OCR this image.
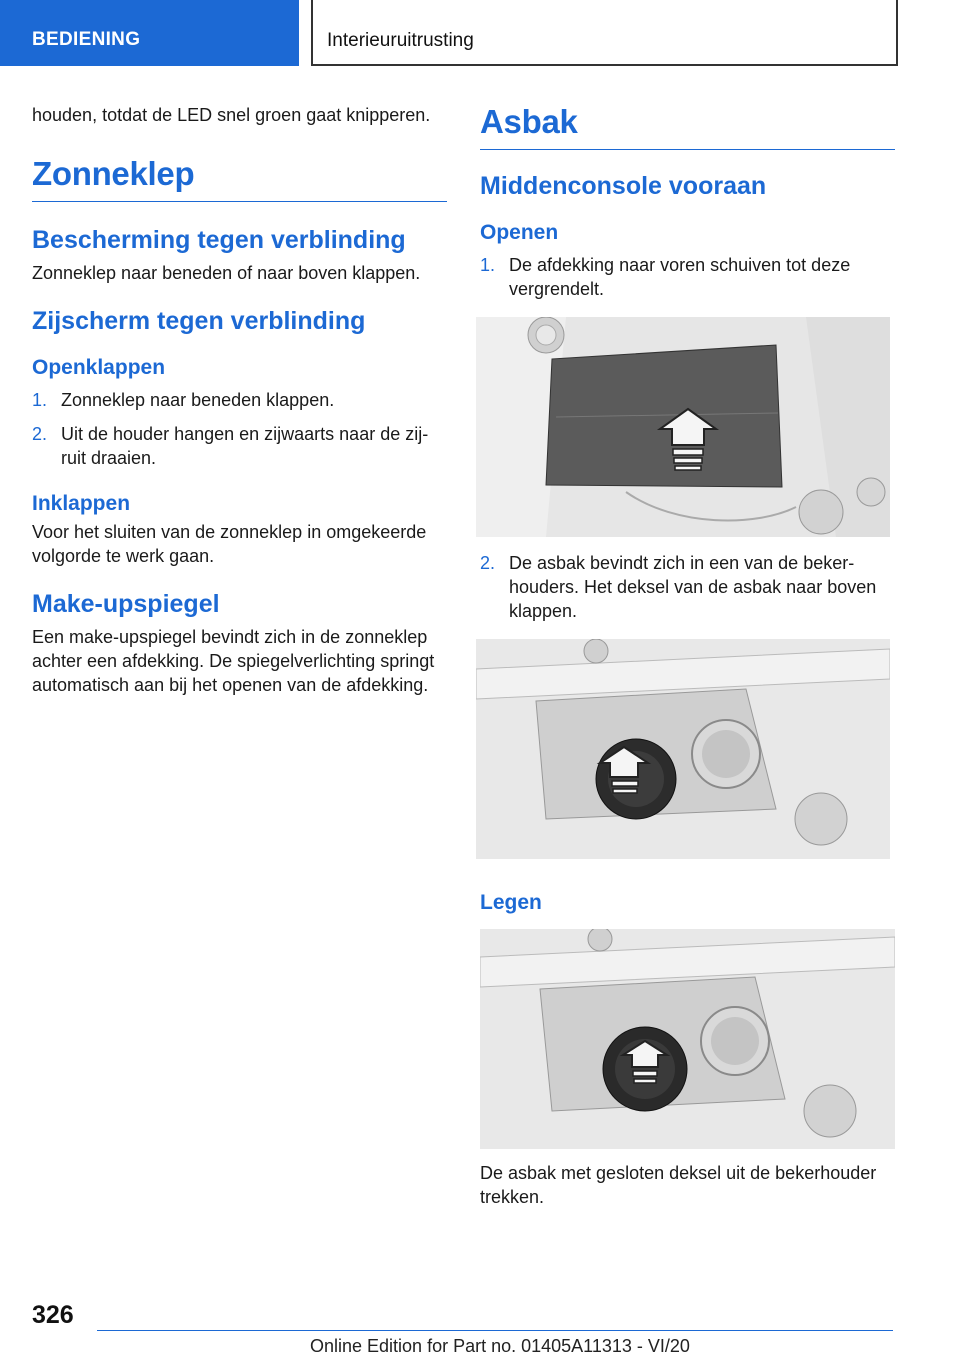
BEDIENING	Interieuruitrusting

houden, totdat de LED snel groen gaat knipperen.

Zonneklep
Bescherming tegen verblinding

Zonneklep naar beneden of naar boven klappen.

Zijscherm tegen verblinding
Openklappen
1. Zonneklep naar beneden klappen.
2. Uit de houder hangen en zijwaarts naar de zijruit draaien.
Inklappen

Voor het sluiten van de zonneklep in omgekeerde volgorde te werk gaan.

Make-upspiegel

Een make-upspiegel bevindt zich in de zonneklep achter een afdekking. De spiegelverlichting springt automatisch aan bij het openen van de afdekking.

Asbak
Middenconsole vooraan
Openen
1. De afdekking naar voren schuiven tot deze vergrendelt.
2. De asbak bevindt zich in een van de bekerhouders. Het deksel van de asbak naar boven klappen.
Legen

De asbak met gesloten deksel uit de bekerhouder trekken.

326
Online Edition for Part no. 01405A11313 - VI/20
